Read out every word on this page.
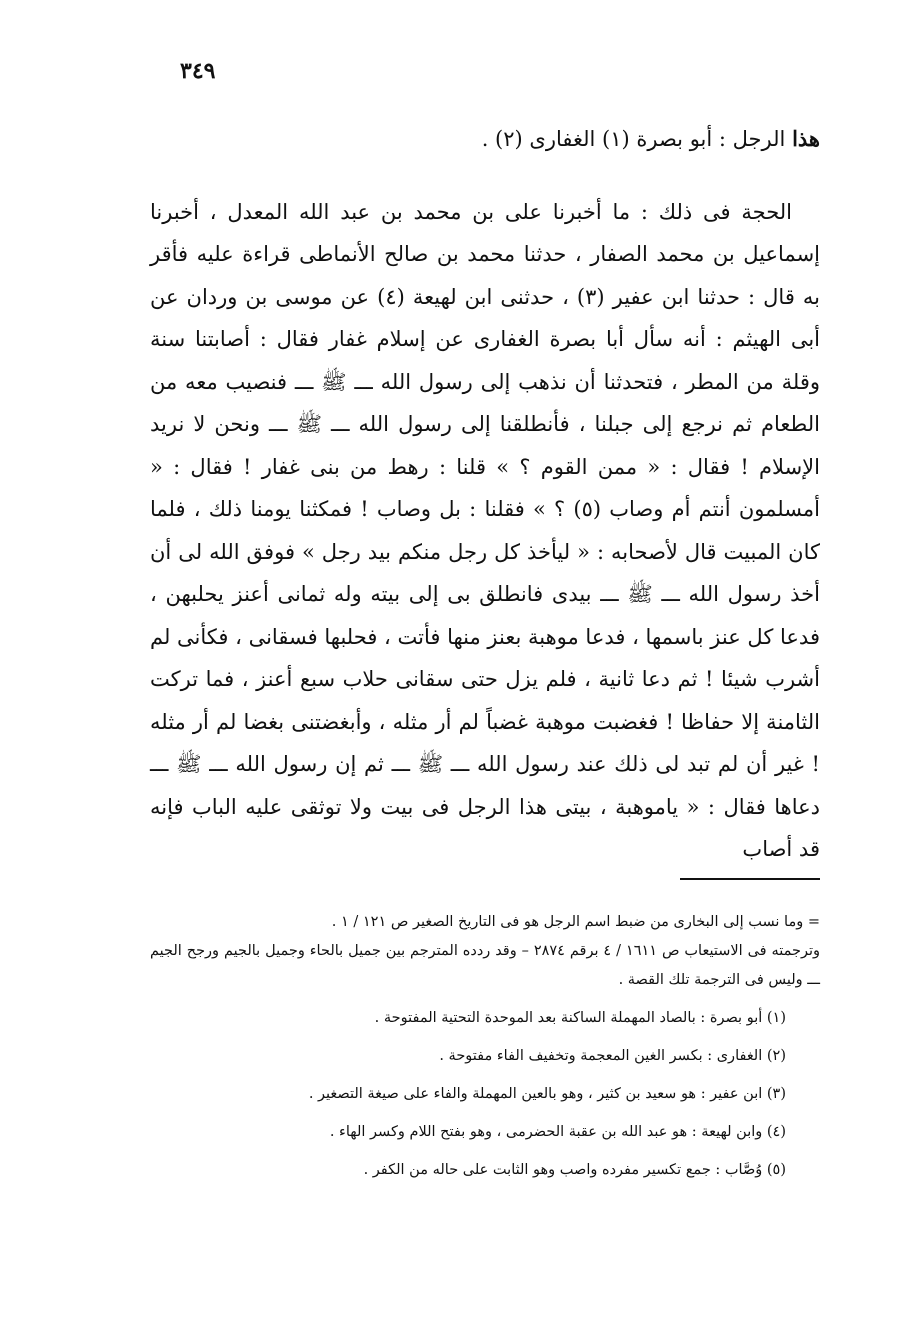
٣٤٩

هذا الرجل : أبو بصرة (١) الغفارى (٢) .

الحجة فى ذلك : ما أخبرنا على بن محمد بن عبد الله المعدل ، أخبرنا إسماعيل بن محمد الصفار ، حدثنا محمد بن صالح الأنماطى قراءة عليه فأقر به قال : حدثنا ابن عفير (٣) ، حدثنى ابن لهيعة (٤) عن موسى بن وردان عن أبى الهيثم : أنه سأل أبا بصرة الغفارى عن إسلام غفار فقال : أصابتنا سنة وقلة من المطر ، فتحدثنا أن نذهب إلى رسول الله ـــ ﷺ ـــ فنصيب معه من الطعام ثم نرجع إلى جبلنا ، فأنطلقنا إلى رسول الله ـــ ﷺ ـــ ونحن لا نريد الإسلام ! فقال : « ممن القوم ؟ » قلنا : رهط من بنى غفار ! فقال : « أمسلمون أنتم أم وصاب (٥) ؟ » فقلنا : بل وصاب ! فمكثنا يومنا ذلك ، فلما كان المبيت قال لأصحابه : « ليأخذ كل رجل منكم بيد رجل » فوفق الله لى أن أخذ رسول الله ـــ ﷺ ـــ بيدى فانطلق بى إلى بيته وله ثمانى أعنز يحلبهن ، فدعا كل عنز باسمها ، فدعا موهبة بعنز منها فأتت ، فحلبها فسقانى ، فكأنى لم أشرب شيئا ! ثم دعا ثانية ، فلم يزل حتى سقانى حلاب سبع أعنز ، فما تركت الثامنة إلا حفاظا ! فغضبت موهبة غضباً لم أر مثله ، وأبغضتنى بغضا لم أر مثله ! غير أن لم تبد لى ذلك عند رسول الله ـــ ﷺ ـــ ثم إن رسول الله ـــ ﷺ ـــ دعاها فقال : « ياموهبة ، بيتى هذا الرجل فى بيت ولا توثقى عليه الباب فإنه قد أصاب

= وما نسب إلى البخارى من ضبط اسم الرجل هو فى التاريخ الصغير ص ١٢١ / ١ .

وترجمته فى الاستيعاب ص ١٦١١ / ٤ برقم ٢٨٧٤ – وقد ردده المترجم بين جميل بالحاء وجميل بالجيم ورجح الجيم ـــ وليس فى الترجمة تلك القصة .

(١) أبو بصرة : بالصاد المهملة الساكنة بعد الموحدة التحتية المفتوحة .

(٢) الغفارى : بكسر الغين المعجمة وتخفيف الفاء مفتوحة .

(٣) ابن عفير : هو سعيد بن كثير ، وهو بالعين المهملة والفاء على صيغة التصغير .

(٤) وابن لهيعة : هو عبد الله بن عقبة الحضرمى ، وهو بفتح اللام وكسر الهاء .

(٥) وُصَّاب : جمع تكسير مفرده واصب وهو الثابت على حاله من الكفر .
